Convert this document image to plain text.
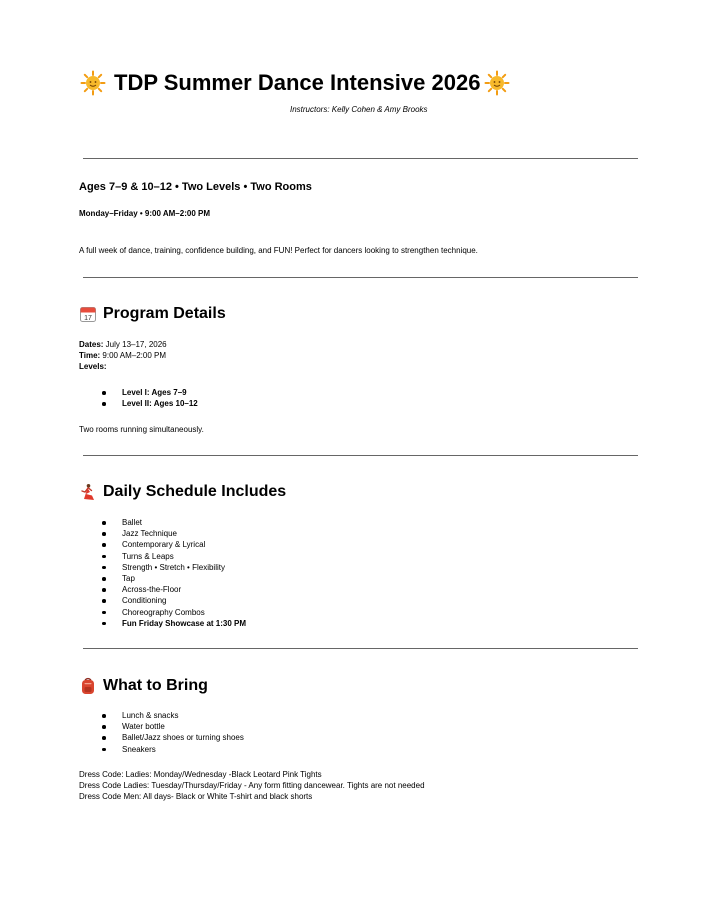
TDP Summer Dance Intensive 2026
Instructors: Kelly Cohen & Amy Brooks
Ages 7–9 & 10–12 • Two Levels • Two Rooms
Monday–Friday • 9:00 AM–2:00 PM
A full week of dance, training, confidence building, and FUN! Perfect for dancers looking to strengthen technique.
17 Program Details
Dates: July 13–17, 2026
Time: 9:00 AM–2:00 PM
Levels:
Level I: Ages 7–9
Level II: Ages 10–12
Two rooms running simultaneously.
Daily Schedule Includes
Ballet
Jazz Technique
Contemporary & Lyrical
Turns & Leaps
Strength • Stretch • Flexibility
Tap
Across-the-Floor
Conditioning
Choreography Combos
Fun Friday Showcase at 1:30 PM
What to Bring
Lunch & snacks
Water bottle
Ballet/Jazz shoes or turning shoes
Sneakers
Dress Code: Ladies: Monday/Wednesday -Black Leotard Pink Tights
Dress Code Ladies: Tuesday/Thursday/Friday - Any form fitting dancewear. Tights are not needed
Dress Code Men: All days- Black or White T-shirt and black shorts
